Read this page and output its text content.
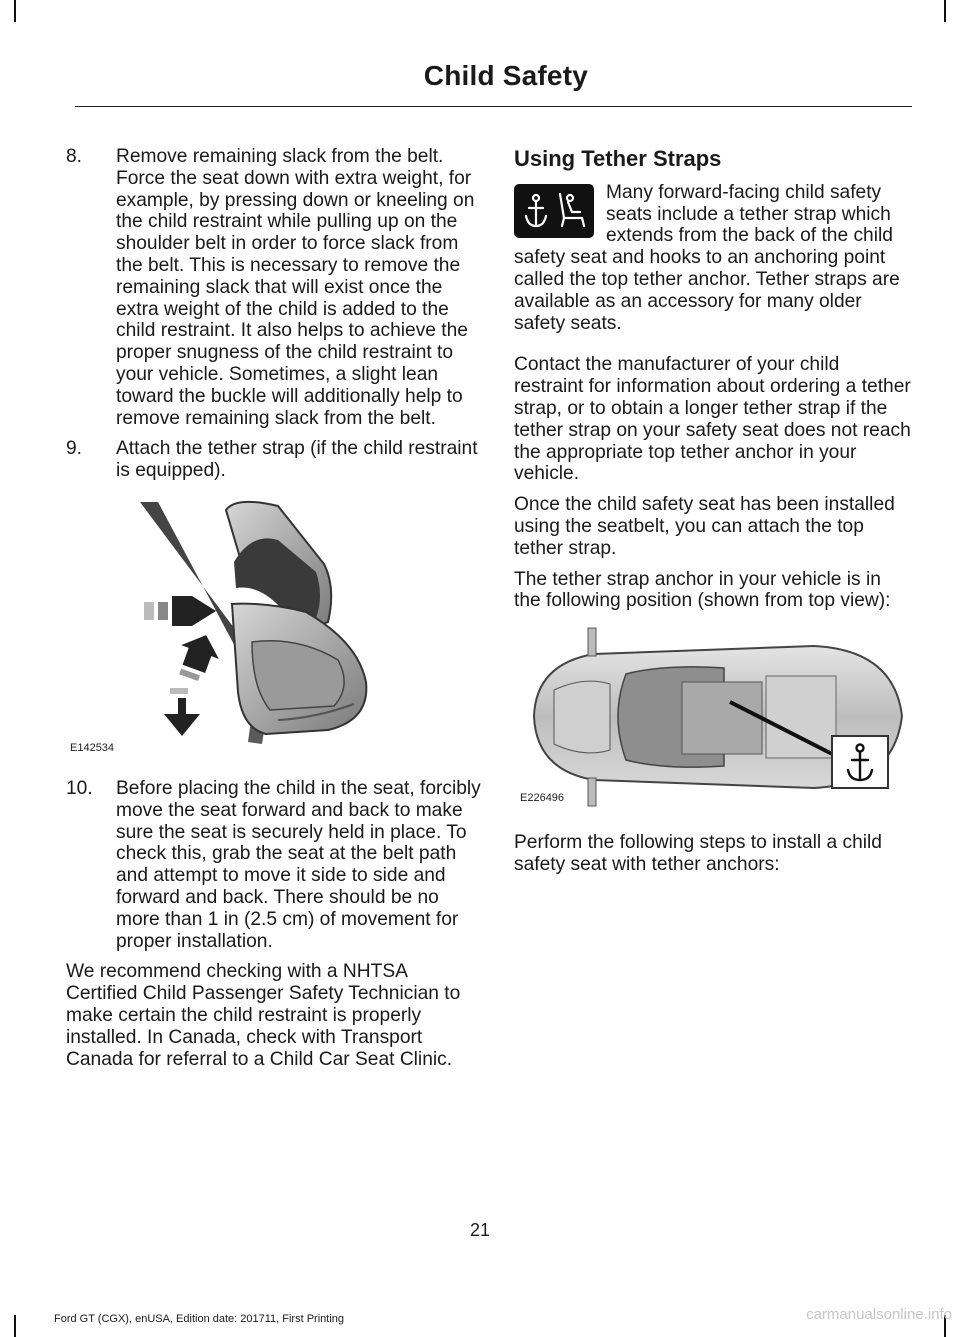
Child Safety
8.	Remove remaining slack from the belt. Force the seat down with extra weight, for example, by pressing down or kneeling on the child restraint while pulling up on the shoulder belt in order to force slack from the belt. This is necessary to remove the remaining slack that will exist once the extra weight of the child is added to the child restraint. It also helps to achieve the proper snugness of the child restraint to your vehicle. Sometimes, a slight lean toward the buckle will additionally help to remove remaining slack from the belt.
9.	Attach the tether strap (if the child restraint is equipped).
E142534
10.	Before placing the child in the seat, forcibly move the seat forward and back to make sure the seat is securely held in place. To check this, grab the seat at the belt path and attempt to move it side to side and forward and back. There should be no more than 1 in (2.5 cm) of movement for proper installation.

We recommend checking with a NHTSA Certified Child Passenger Safety Technician to make certain the child restraint is properly installed. In Canada, check with Transport Canada for referral to a Child Car Seat Clinic.

Using Tether Straps

Many forward-facing child safety seats include a tether strap which extends from the back of the child safety seat and hooks to an anchoring point called the top tether anchor. Tether straps are available as an accessory for many older safety seats.

Contact the manufacturer of your child restraint for information about ordering a tether strap, or to obtain a longer tether strap if the tether strap on your safety seat does not reach the appropriate top tether anchor in your vehicle.

Once the child safety seat has been installed using the seatbelt, you can attach the top tether strap.

The tether strap anchor in your vehicle is in the following position (shown from top view):

E226496

Perform the following steps to install a child safety seat with tether anchors:

21
Ford GT (CGX), enUSA, Edition date: 201711, First Printing	carmanualsonline.info
